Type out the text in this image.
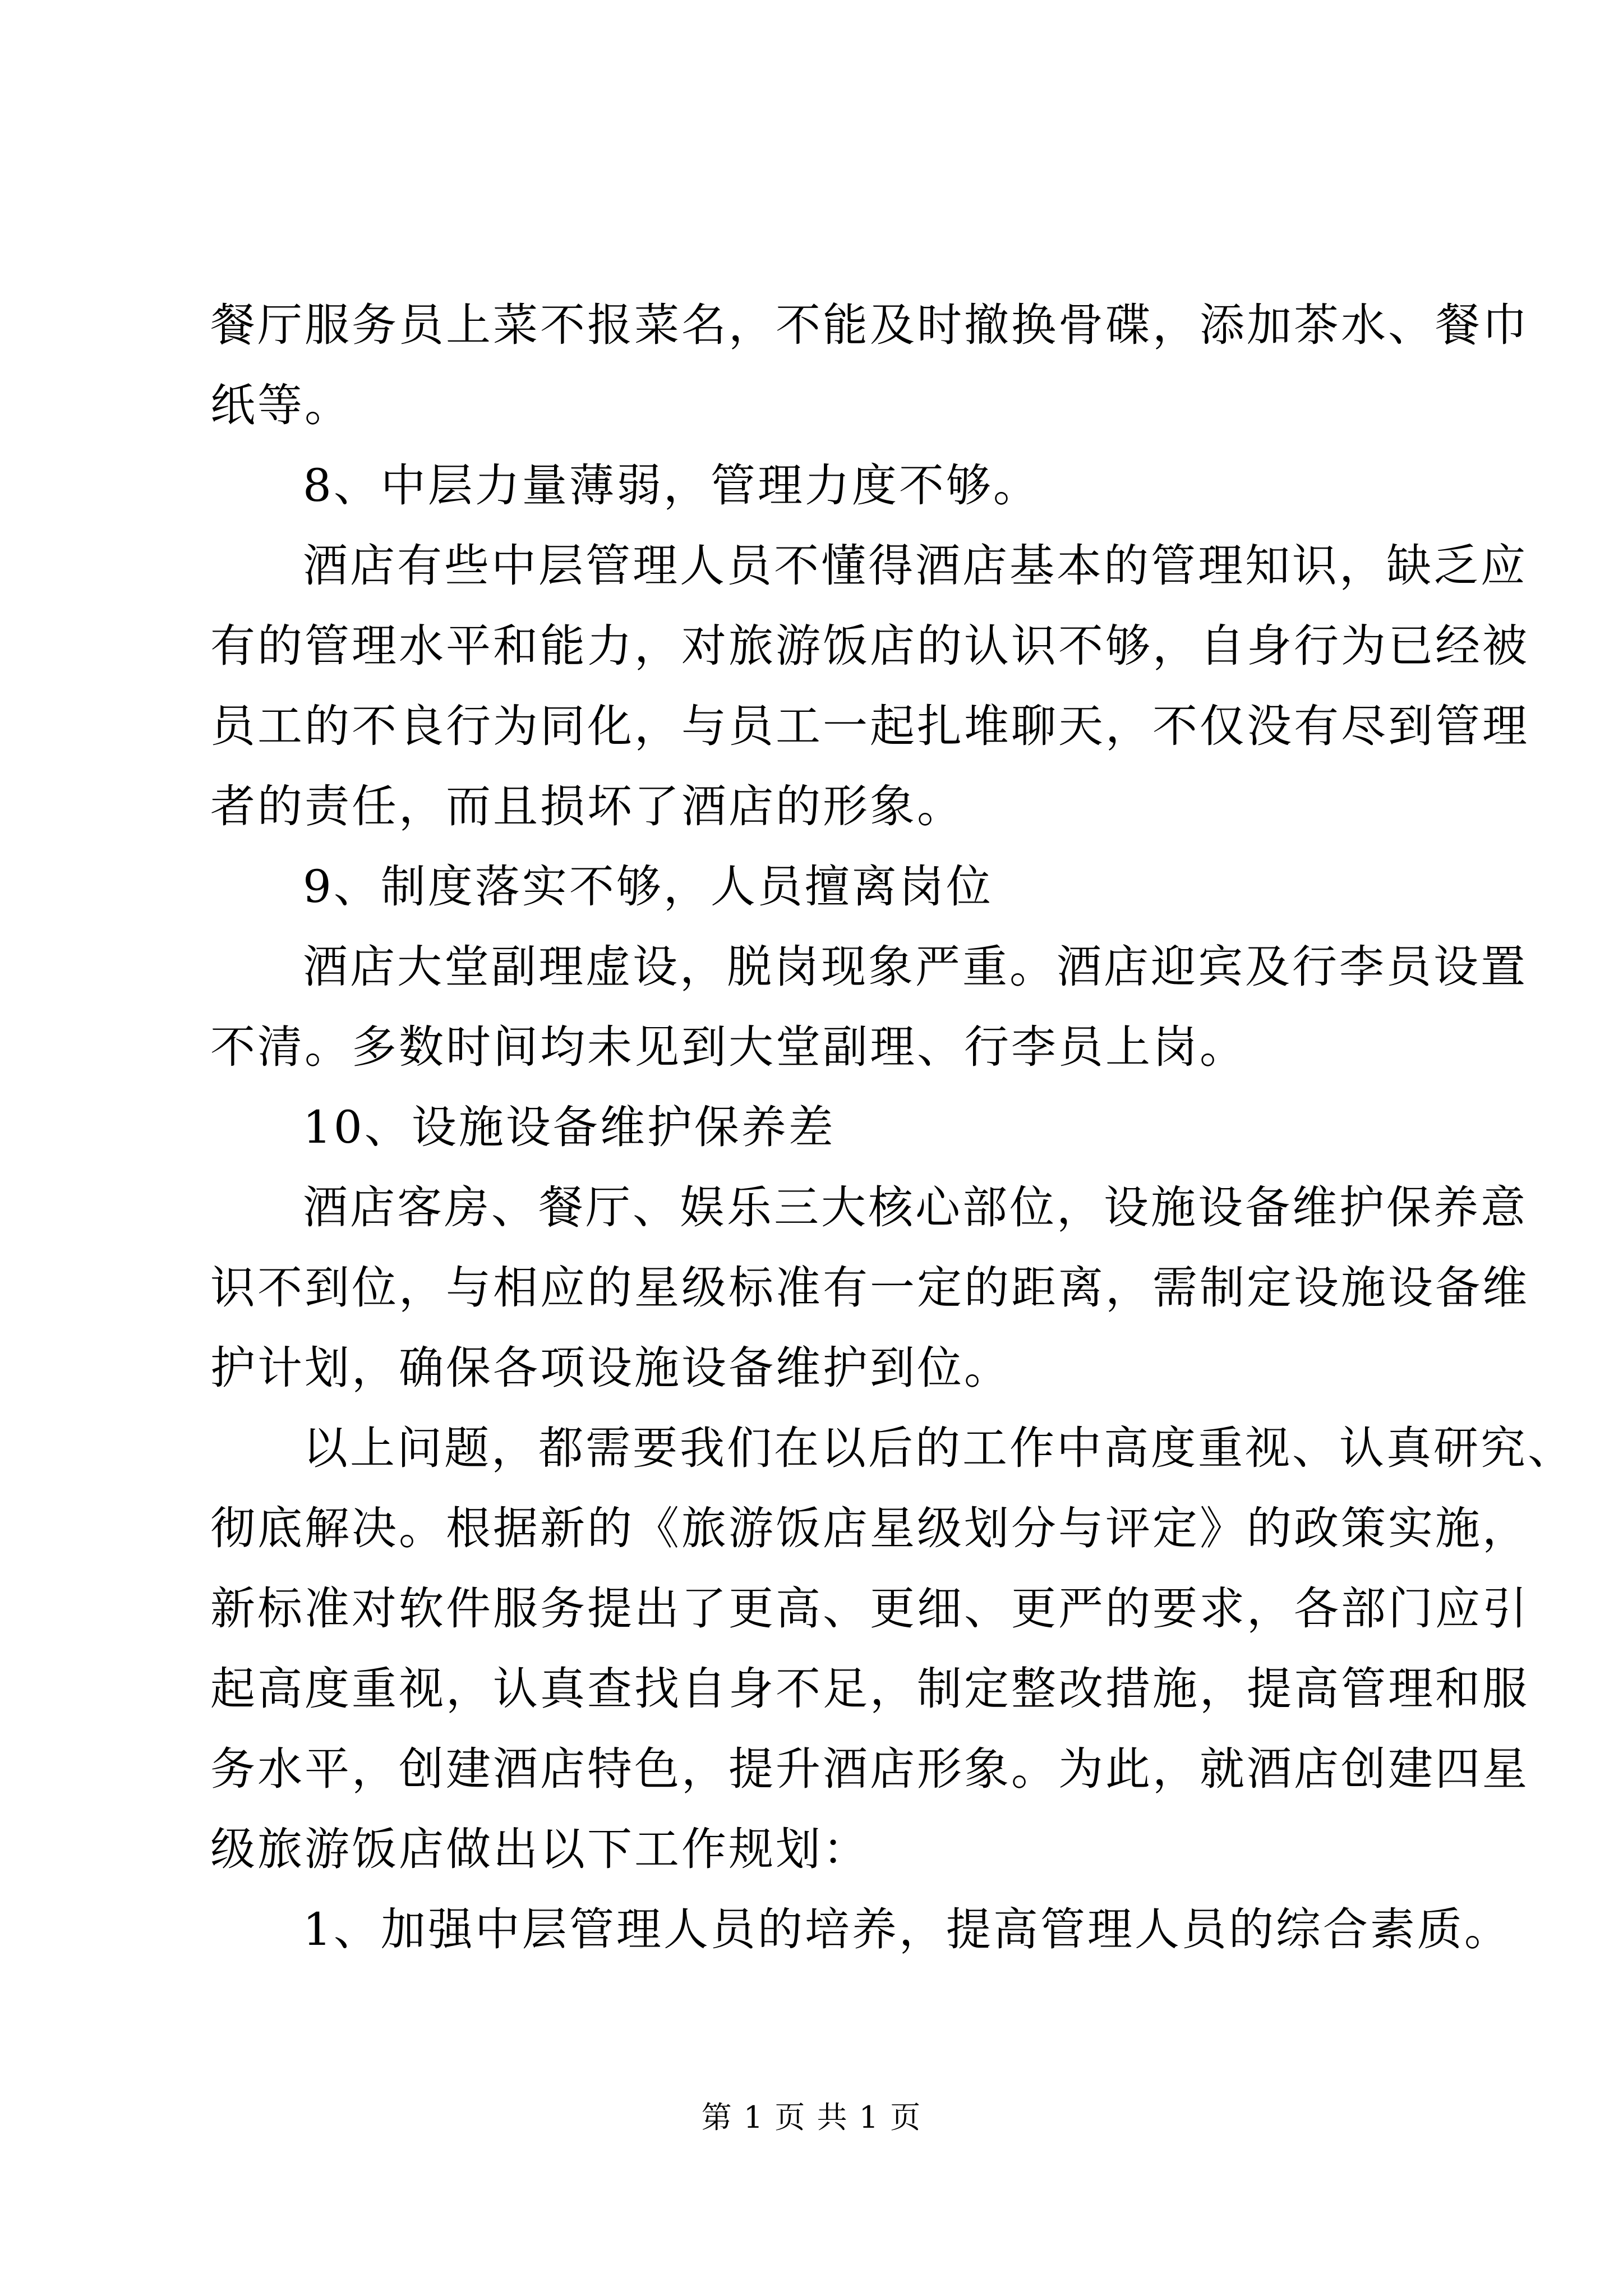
餐厅服务员上菜不报菜名，不能及时撤换骨碟，添加茶水、餐巾
纸等。
8、中层力量薄弱，管理力度不够。
酒店有些中层管理人员不懂得酒店基本的管理知识，缺乏应
有的管理水平和能力，对旅游饭店的认识不够，自身行为已经被
员工的不良行为同化，与员工一起扎堆聊天，不仅没有尽到管理
者的责任，而且损坏了酒店的形象。
9、制度落实不够，人员擅离岗位
酒店大堂副理虚设，脱岗现象严重。酒店迎宾及行李员设置
不清。多数时间均未见到大堂副理、行李员上岗。
10、设施设备维护保养差
酒店客房、餐厅、娱乐三大核心部位，设施设备维护保养意
识不到位，与相应的星级标准有一定的距离，需制定设施设备维
护计划，确保各项设施设备维护到位。
以上问题，都需要我们在以后的工作中高度重视、认真研究、
彻底解决。根据新的《旅游饭店星级划分与评定》的政策实施，
新标准对软件服务提出了更高、更细、更严的要求，各部门应引
起高度重视，认真查找自身不足，制定整改措施，提高管理和服
务水平，创建酒店特色，提升酒店形象。为此，就酒店创建四星
级旅游饭店做出以下工作规划：
1、加强中层管理人员的培养，提高管理人员的综合素质。
第 1 页 共 1 页
